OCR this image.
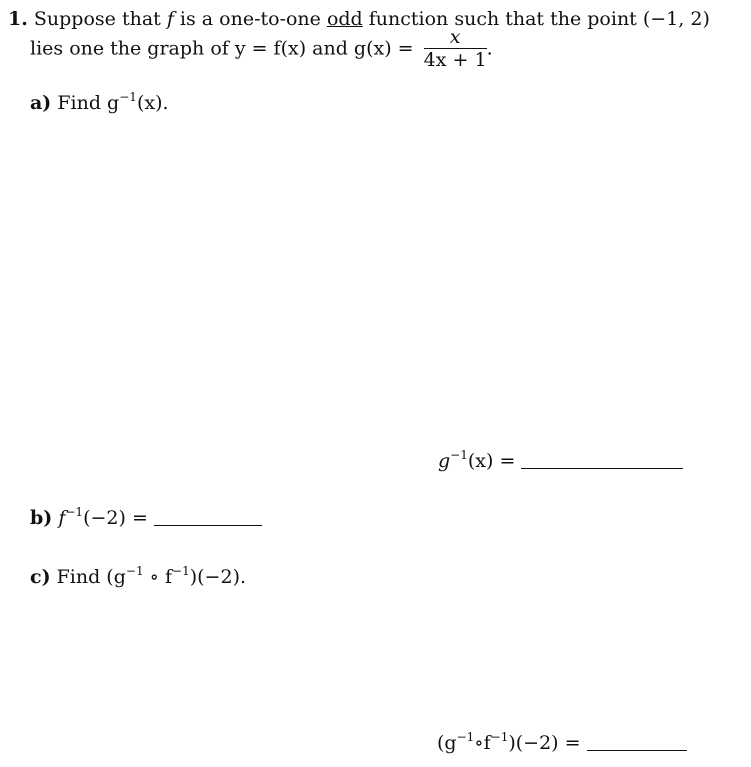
1. Suppose that f is a one-to-one odd function such that the point (−1, 2)
lies one the graph of y = f(x) and $g(x) = \frac{x}{4x + 1}$ .
a) Find $g^{-1}(x)$.
$g^{-1}(x)$ =
b) $f^{-1}(-2)$ =
c) Find ($g^{-1}$ ∘ $f^{-1})(-2)$.
$(g^{-1}\circ f^{-1})(-2)$ =
